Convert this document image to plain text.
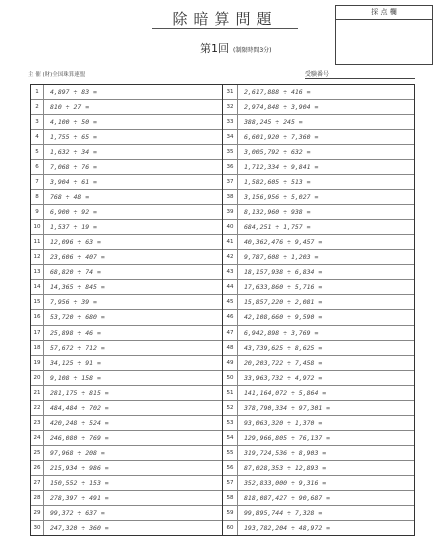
除暗算問題	採 点 欄
第1回 (制限時間3分)
主 催 (財)全国珠算連盟	受験番号
1	4,897 ÷ 83 =
2	810 ÷ 27 =
3	4,100 ÷ 50 =
4	1,755 ÷ 65 =
5	1,632 ÷ 34 =
6	7,068 ÷ 76 =
7	3,904 ÷ 61 =
8	768 ÷ 48 =
9	6,900 ÷ 92 =
10	1,537 ÷ 19 =
11	12,096 ÷ 63 =
12	23,606 ÷ 407 =
13	68,820 ÷ 74 =
14	14,365 ÷ 845 =
15	7,956 ÷ 39 =
16	53,720 ÷ 680 =
17	25,898 ÷ 46 =
18	57,672 ÷ 712 =
19	34,125 ÷ 91 =
20	9,108 ÷ 158 =
21	281,175 ÷ 815 =
22	484,484 ÷ 702 =
23	420,248 ÷ 524 =
24	246,080 ÷ 769 =
25	97,968 ÷ 208 =
26	215,934 ÷ 986 =
27	150,552 ÷ 153 =
28	278,397 ÷ 491 =
29	99,372 ÷ 637 =
30	247,320 ÷ 360 =
31	2,617,888 ÷ 416 =
32	2,974,848 ÷ 3,904 =
33	388,245 ÷ 245 =
34	6,601,920 ÷ 7,360 =
35	3,005,792 ÷ 632 =
36	1,712,334 ÷ 9,841 =
37	1,582,605 ÷ 513 =
38	3,156,956 ÷ 5,027 =
39	8,132,960 ÷ 938 =
40	684,251 ÷ 1,757 =
41	40,362,476 ÷ 9,457 =
42	9,787,608 ÷ 1,203 =
43	18,157,938 ÷ 6,834 =
44	17,633,860 ÷ 5,716 =
45	15,857,220 ÷ 2,081 =
46	42,108,660 ÷ 9,590 =
47	6,942,898 ÷ 3,769 =
48	43,739,625 ÷ 8,625 =
49	20,203,722 ÷ 7,458 =
50	33,963,732 ÷ 4,972 =
51	141,164,072 ÷ 5,864 =
52	378,790,334 ÷ 97,301 =
53	93,063,320 ÷ 1,370 =
54	129,966,805 ÷ 76,137 =
55	319,724,536 ÷ 8,903 =
56	87,028,353 ÷ 12,893 =
57	352,833,000 ÷ 9,316 =
58	818,087,427 ÷ 90,687 =
59	99,895,744 ÷ 7,328 =
60	193,782,204 ÷ 48,972 =
